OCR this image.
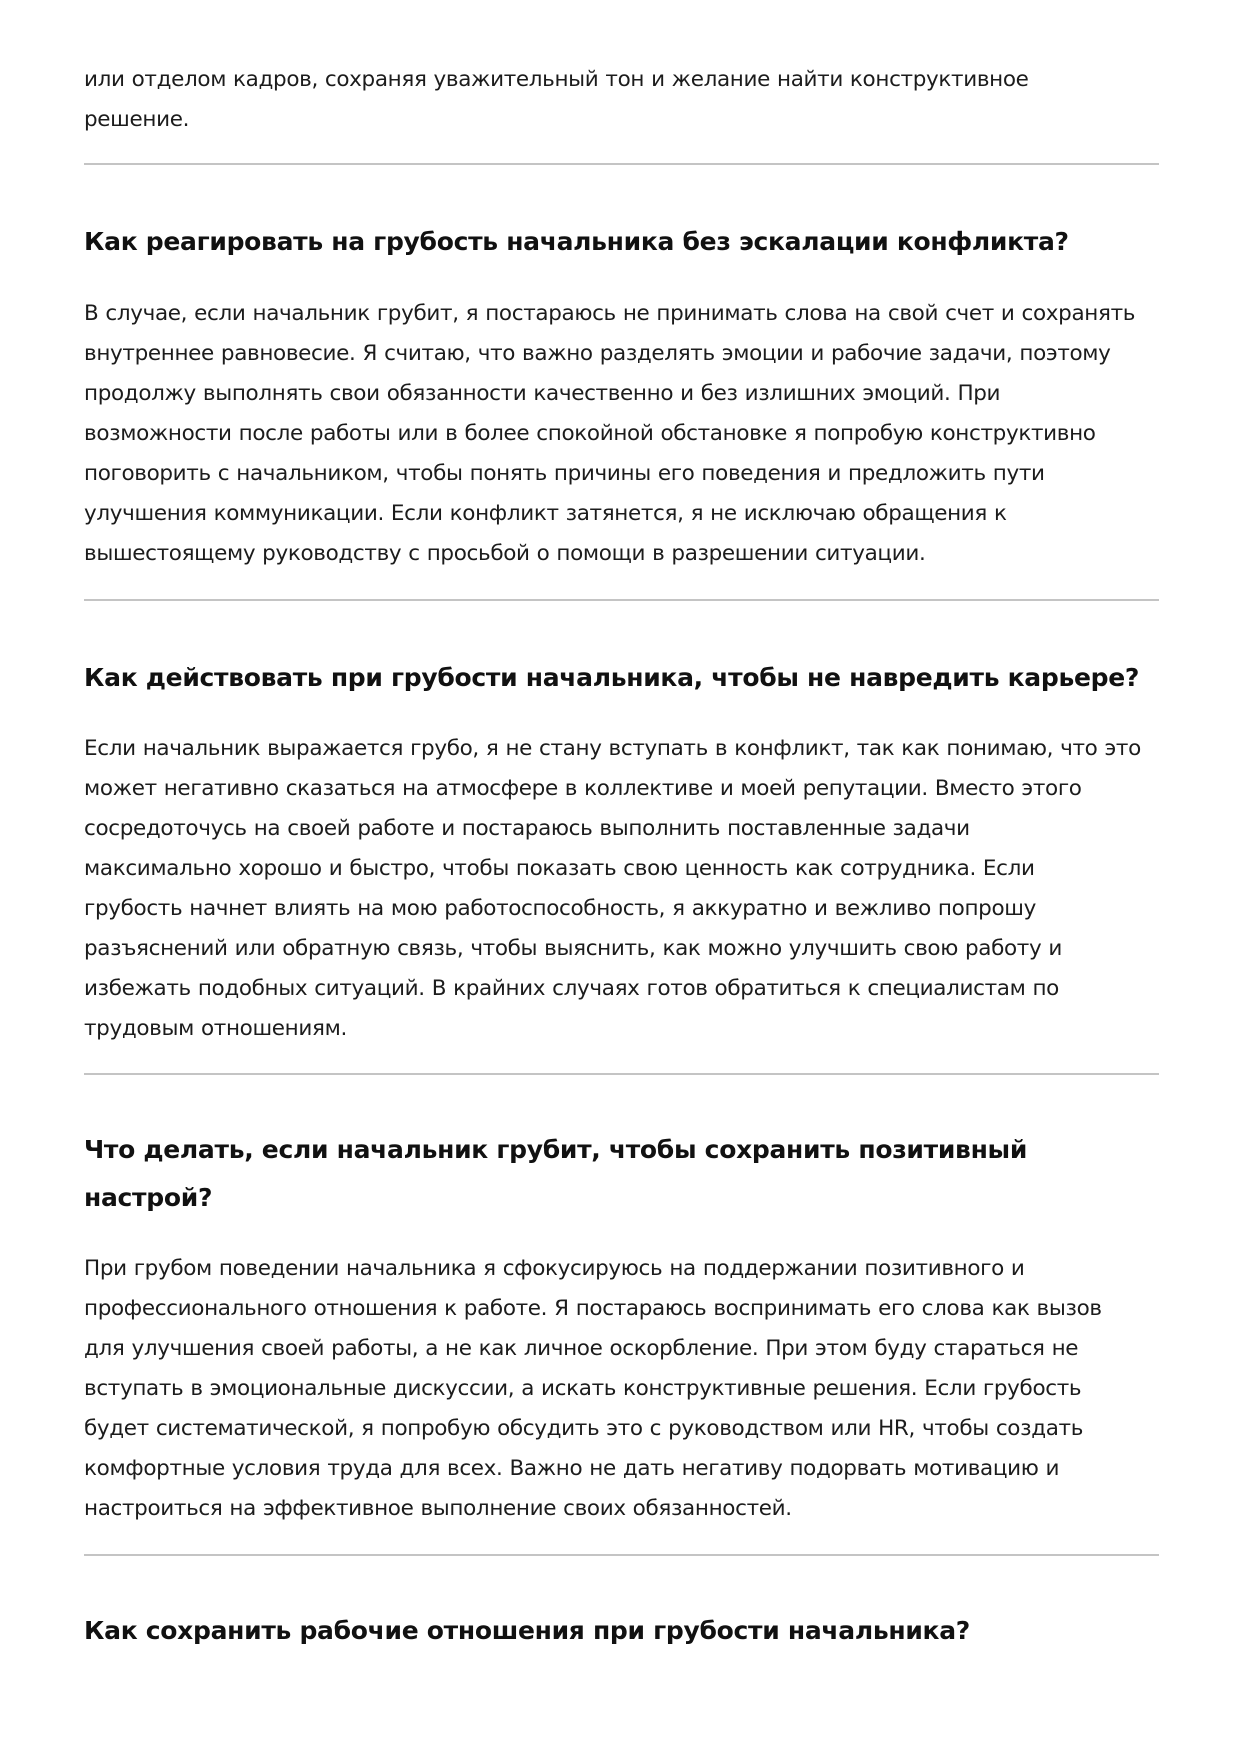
или отделом кадров, сохраняя уважительный тон и желание найти конструктивное

решение.

Как реагировать на грубость начальника без эскалации конфликта?

В случае, если начальник грубит, я постараюсь не принимать слова на свой счет и сохранять

внутреннее равновесие. Я считаю, что важно разделять эмоции и рабочие задачи, поэтому

продолжу выполнять свои обязанности качественно и без излишних эмоций. При

возможности после работы или в более спокойной обстановке я попробую конструктивно

поговорить с начальником, чтобы понять причины его поведения и предложить пути

улучшения коммуникации. Если конфликт затянется, я не исключаю обращения к

вышестоящему руководству с просьбой о помощи в разрешении ситуации.

Как действовать при грубости начальника, чтобы не навредить карьере?

Если начальник выражается грубо, я не стану вступать в конфликт, так как понимаю, что это

может негативно сказаться на атмосфере в коллективе и моей репутации. Вместо этого

сосредоточусь на своей работе и постараюсь выполнить поставленные задачи

максимально хорошо и быстро, чтобы показать свою ценность как сотрудника. Если

грубость начнет влиять на мою работоспособность, я аккуратно и вежливо попрошу

разъяснений или обратную связь, чтобы выяснить, как можно улучшить свою работу и

избежать подобных ситуаций. В крайних случаях готов обратиться к специалистам по

трудовым отношениям.

Что делать, если начальник грубит, чтобы сохранить позитивный
настрой?

При грубом поведении начальника я сфокусируюсь на поддержании позитивного и

профессионального отношения к работе. Я постараюсь воспринимать его слова как вызов

для улучшения своей работы, а не как личное оскорбление. При этом буду стараться не

вступать в эмоциональные дискуссии, а искать конструктивные решения. Если грубость

будет систематической, я попробую обсудить это с руководством или HR, чтобы создать

комфортные условия труда для всех. Важно не дать негативу подорвать мотивацию и

настроиться на эффективное выполнение своих обязанностей.

Как сохранить рабочие отношения при грубости начальника?
